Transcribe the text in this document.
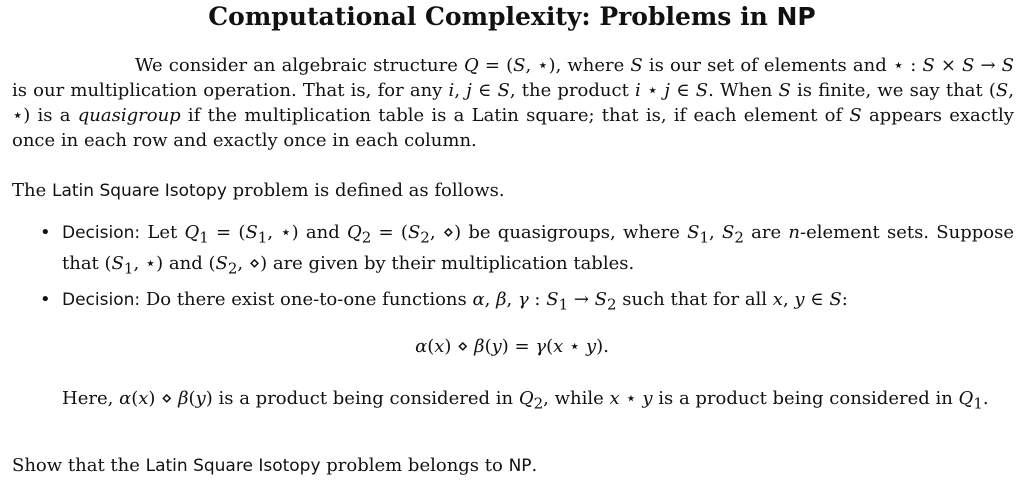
Computational Complexity: Problems in NP
We consider an algebraic structure Q = (S, ⋆), where S is our set of elements and ⋆ : S × S → S is our multiplication operation. That is, for any i, j ∈ S, the product i ⋆ j ∈ S. When S is finite, we say that (S, ⋆) is a quasigroup if the multiplication table is a Latin square; that is, if each element of S appears exactly once in each row and exactly once in each column.
The Latin Square Isotopy problem is defined as follows.
• Decision: Let $Q_1 = (S_1$, ⋆) and $Q_2 = (S_2$, ⋄) be quasigroups, where $S_1$, $S_2$ are n-element sets. Suppose that ($S_1$, ⋆) and ($S_2$, ⋄) are given by their multiplication tables.
• Decision: Do there exist one-to-one functions α, β, γ : $S_1 \to S_2$ such that for all x, y ∈ S:
α(x) ⋄ β(y) = γ(x ⋆ y).
Here, α(x) ⋄ β(y) is a product being considered in $Q_2$, while x ⋆ y is a product being considered in $Q_1$.
Show that the Latin Square Isotopy problem belongs to NP.
